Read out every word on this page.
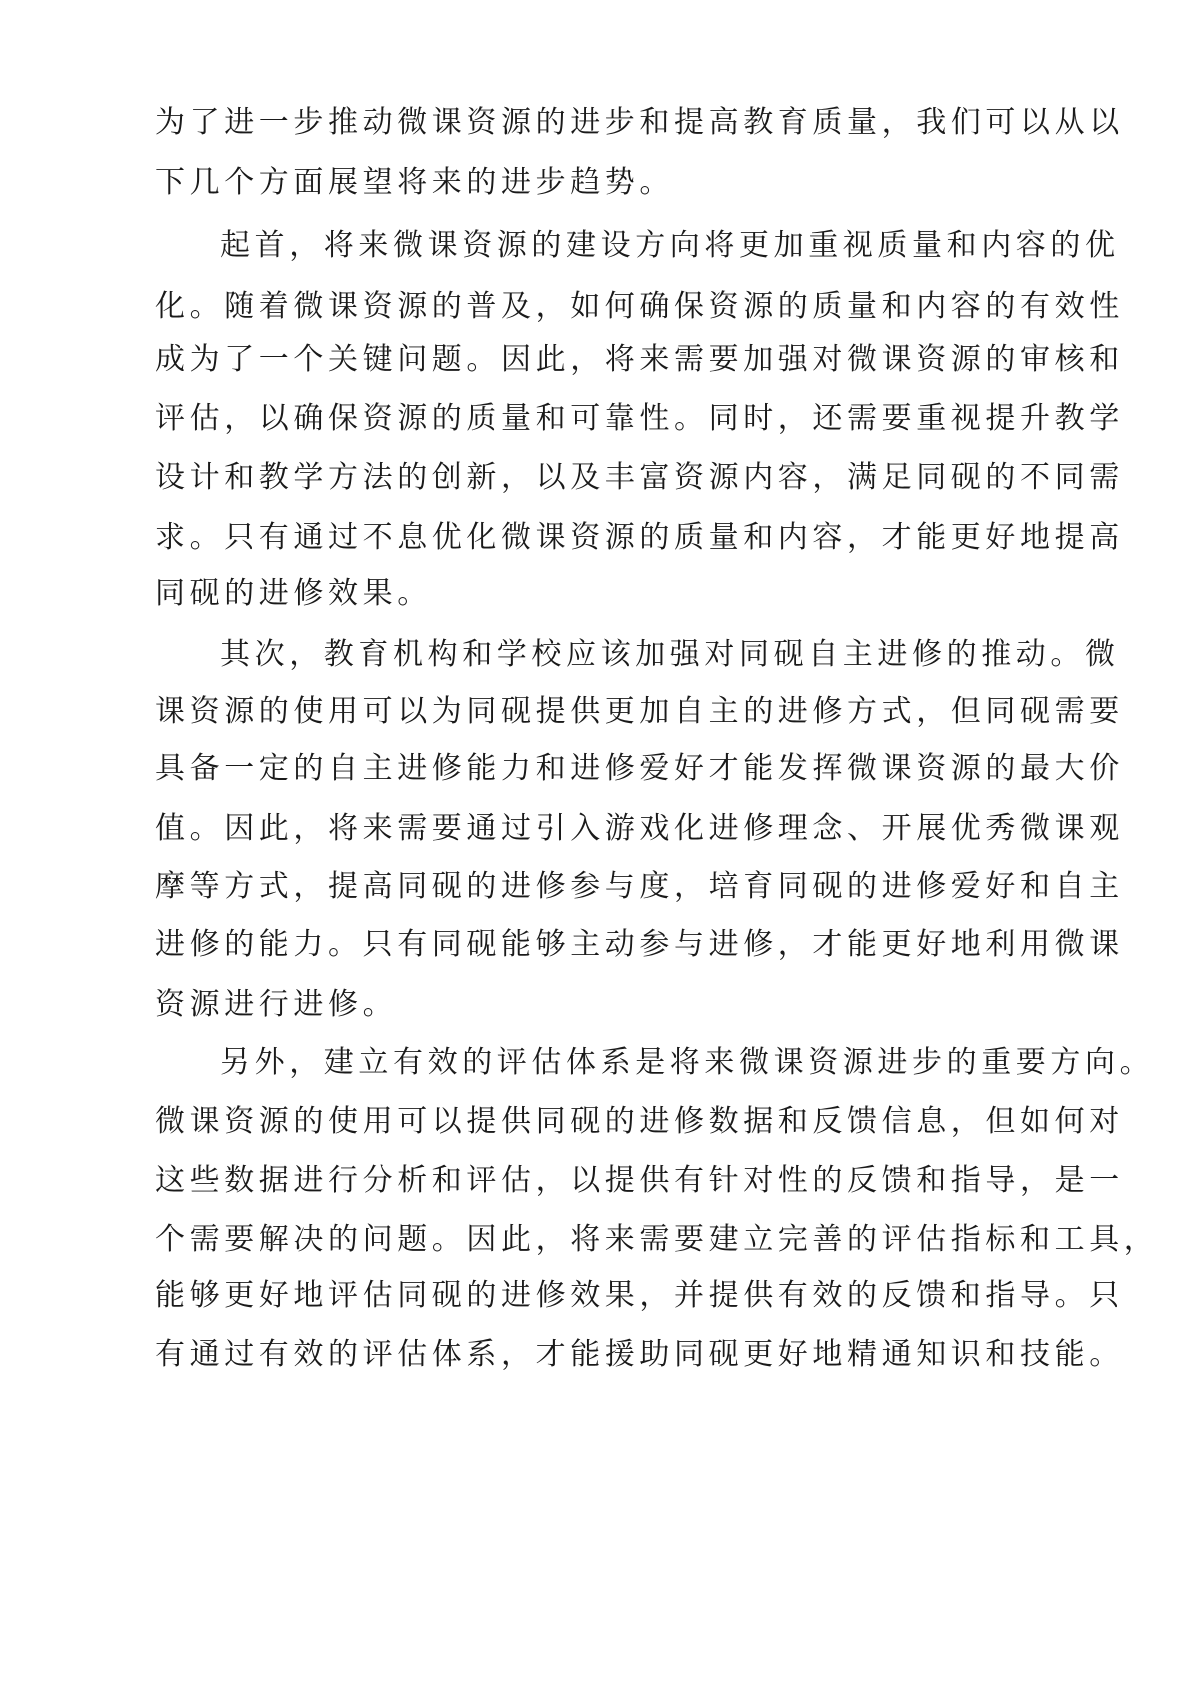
为了进一步推动微课资源的进步和提高教育质量，我们可以从以
下几个方面展望将来的进步趋势。
起首，将来微课资源的建设方向将更加重视质量和内容的优
化。随着微课资源的普及，如何确保资源的质量和内容的有效性
成为了一个关键问题。因此，将来需要加强对微课资源的审核和
评估，以确保资源的质量和可靠性。同时，还需要重视提升教学
设计和教学方法的创新，以及丰富资源内容，满足同砚的不同需
求。只有通过不息优化微课资源的质量和内容，才能更好地提高
同砚的进修效果。
其次，教育机构和学校应该加强对同砚自主进修的推动。微
课资源的使用可以为同砚提供更加自主的进修方式，但同砚需要
具备一定的自主进修能力和进修爱好才能发挥微课资源的最大价
值。因此，将来需要通过引入游戏化进修理念、开展优秀微课观
摩等方式，提高同砚的进修参与度，培育同砚的进修爱好和自主
进修的能力。只有同砚能够主动参与进修，才能更好地利用微课
资源进行进修。
另外，建立有效的评估体系是将来微课资源进步的重要方向。
微课资源的使用可以提供同砚的进修数据和反馈信息，但如何对
这些数据进行分析和评估，以提供有针对性的反馈和指导，是一
个需要解决的问题。因此，将来需要建立完善的评估指标和工具，
能够更好地评估同砚的进修效果，并提供有效的反馈和指导。只
有通过有效的评估体系，才能援助同砚更好地精通知识和技能。
